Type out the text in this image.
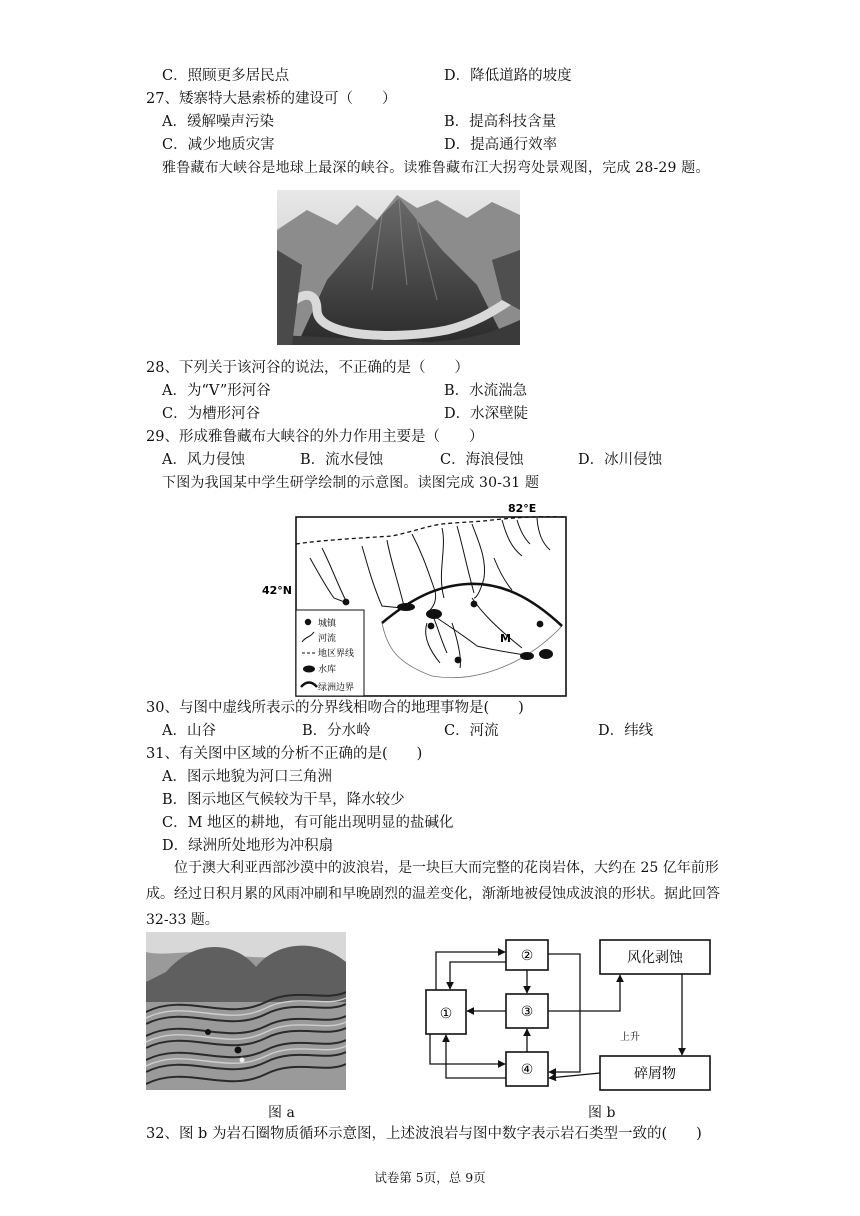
C．照顾更多居民点	D．降低道路的坡度
27、矮寨特大悬索桥的建设可（　　）
A．缓解噪声污染	B．提高科技含量
C．减少地质灾害	D．提高通行效率
雅鲁藏布大峡谷是地球上最深的峡谷。读雅鲁藏布江大拐弯处景观图，完成 28-29 题。
28、下列关于该河谷的说法，不正确的是（　　）
A．为“V”形河谷	B．水流湍急
C．为槽形河谷	D．水深壁陡
29、形成雅鲁藏布大峡谷的外力作用主要是（　　）
A．风力侵蚀	B．流水侵蚀	C．海浪侵蚀	D．冰川侵蚀
下图为我国某中学生研学绘制的示意图。读图完成 30-31 题
82°E
42°N
M
城镇
河流
地区界线
水库
绿洲边界
30、与图中虚线所表示的分界线相吻合的地理事物是(　　)
A．山谷	B．分水岭	C．河流	D．纬线
31、有关图中区域的分析不正确的是(　　)
A．图示地貌为河口三角洲
B．图示地区气候较为干旱，降水较少
C．M 地区的耕地，有可能出现明显的盐碱化
D．绿洲所处地形为冲积扇
位于澳大利亚西部沙漠中的波浪岩，是一块巨大而完整的花岗岩体，大约在 25 亿年前形成。经过日积月累的风雨冲刷和早晚剧烈的温差变化，渐渐地被侵蚀成波浪的形状。据此回答 32-33 题。
①
②
③
④
风化剥蚀
碎屑物
上升
图 a	图 b
32、图 b 为岩石圈物质循环示意图，上述波浪岩与图中数字表示岩石类型一致的(　　)
试卷第 5页，总 9页
